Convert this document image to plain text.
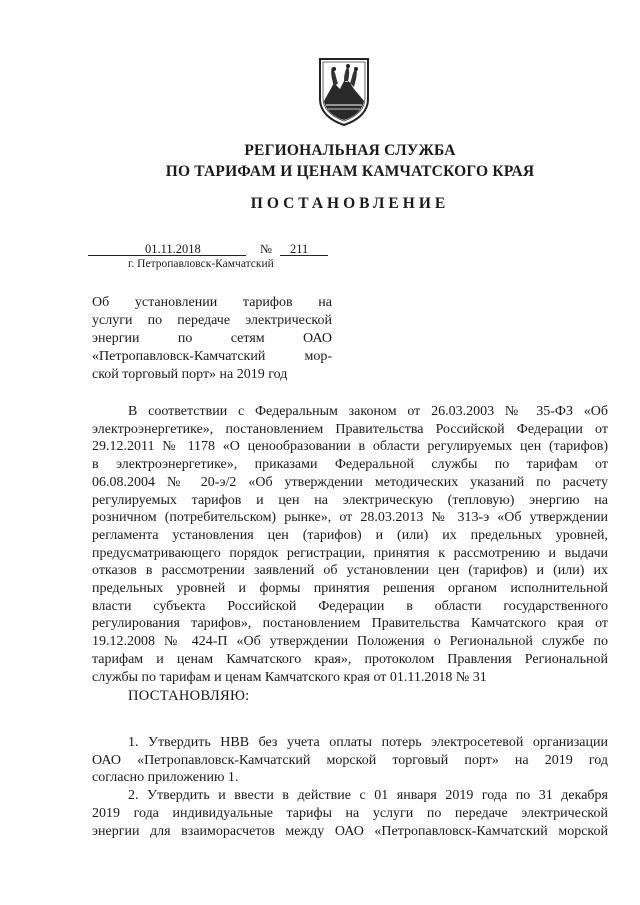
РЕГИОНАЛЬНАЯ СЛУЖБА
ПО ТАРИФАМ И ЦЕНАМ КАМЧАТСКОГО КРАЯ
ПОСТАНОВЛЕНИЕ
01.11.2018	№ 211
г. Петропавловск-Камчатский
Об установлении тарифов на
услуги по передаче электрической
энергии по сетям ОАО
«Петропавловск-Камчатский мор-
ской торговый порт» на 2019 год
В соответствии с Федеральным законом от 26.03.2003 № 35-ФЗ «Об
электроэнергетике», постановлением Правительства Российской Федерации от
29.12.2011 № 1178 «О ценообразовании в области регулируемых цен (тарифов)
в электроэнергетике», приказами Федеральной службы по тарифам от
06.08.2004 № 20-э/2 «Об утверждении методических указаний по расчету
регулируемых тарифов и цен на электрическую (тепловую) энергию на
розничном (потребительском) рынке», от 28.03.2013 № 313-э «Об утверждении
регламента установления цен (тарифов) и (или) их предельных уровней,
предусматривающего порядок регистрации, принятия к рассмотрению и выдачи
отказов в рассмотрении заявлений об установлении цен (тарифов) и (или) их
предельных уровней и формы принятия решения органом исполнительной
власти субъекта Российской Федерации в области государственного
регулирования тарифов», постановлением Правительства Камчатского края от
19.12.2008 № 424-П «Об утверждении Положения о Региональной службе по
тарифам и ценам Камчатского края», протоколом Правления Региональной
службы по тарифам и ценам Камчатского края от 01.11.2018 № 31
ПОСТАНОВЛЯЮ:
1. Утвердить НВВ без учета оплаты потерь электросетевой организации
ОАО «Петропавловск-Камчатский морской торговый порт» на 2019 год
согласно приложению 1.
2. Утвердить и ввести в действие с 01 января 2019 года по 31 декабря
2019 года индивидуальные тарифы на услуги по передаче электрической
энергии для взаиморасчетов между ОАО «Петропавловск-Камчатский морской
